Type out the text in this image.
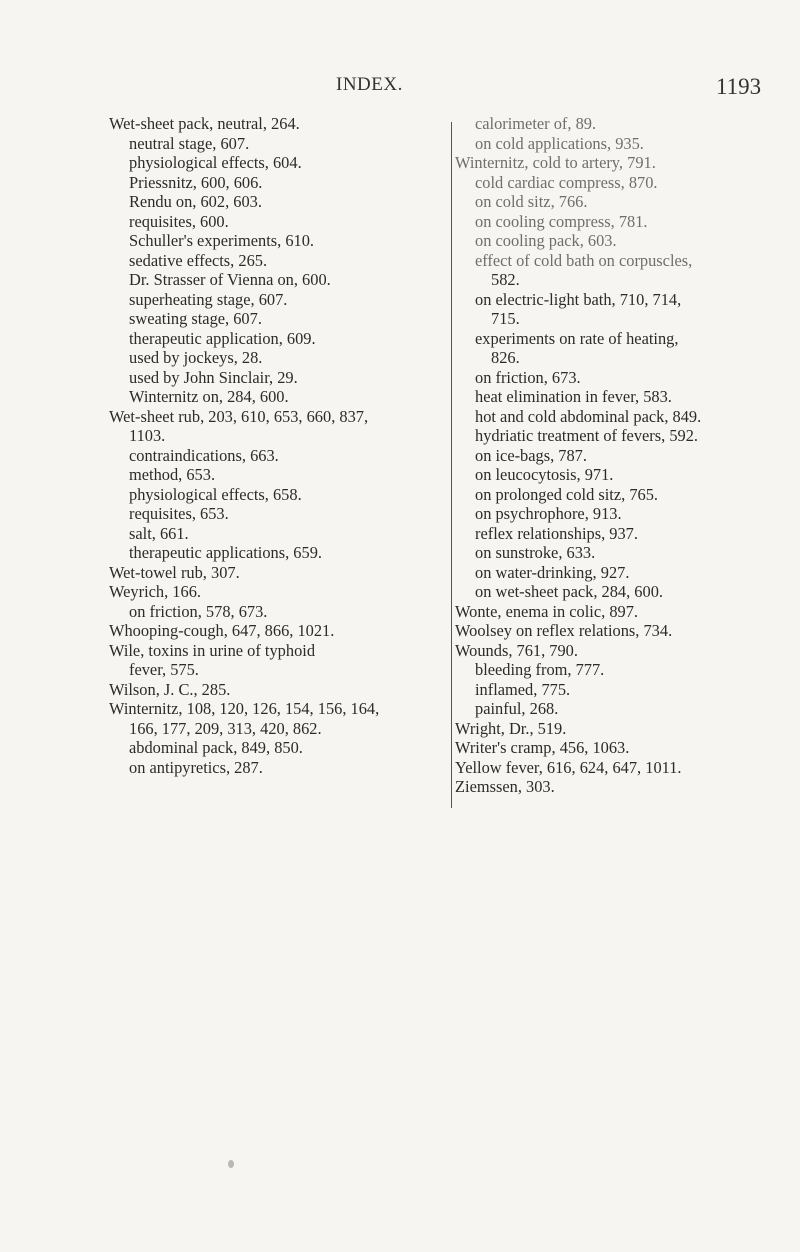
INDEX.	1193
Wet-sheet pack, neutral, 264.
neutral stage, 607.
physiological effects, 604.
Priessnitz, 600, 606.
Rendu on, 602, 603.
requisites, 600.
Schuller's experiments, 610.
sedative effects, 265.
Dr. Strasser of Vienna on, 600.
superheating stage, 607.
sweating stage, 607.
therapeutic application, 609.
used by jockeys, 28.
used by John Sinclair, 29.
Winternitz on, 284, 600.
Wet-sheet rub, 203, 610, 653, 660, 837,
1103.
contraindications, 663.
method, 653.
physiological effects, 658.
requisites, 653.
salt, 661.
therapeutic applications, 659.
Wet-towel rub, 307.
Weyrich, 166.
on friction, 578, 673.
Whooping-cough, 647, 866, 1021.
Wile, toxins in urine of typhoid
fever, 575.
Wilson, J. C., 285.
Winternitz, 108, 120, 126, 154, 156, 164,
166, 177, 209, 313, 420, 862.
abdominal pack, 849, 850.
on antipyretics, 287.
calorimeter of, 89.
on cold applications, 935.
Winternitz, cold to artery, 791.
cold cardiac compress, 870.
on cold sitz, 766.
on cooling compress, 781.
on cooling pack, 603.
effect of cold bath on corpuscles,
582.
on electric-light bath, 710, 714,
715.
experiments on rate of heating,
826.
on friction, 673.
heat elimination in fever, 583.
hot and cold abdominal pack, 849.
hydriatic treatment of fevers, 592.
on ice-bags, 787.
on leucocytosis, 971.
on prolonged cold sitz, 765.
on psychrophore, 913.
reflex relationships, 937.
on sunstroke, 633.
on water-drinking, 927.
on wet-sheet pack, 284, 600.
Wonte, enema in colic, 897.
Woolsey on reflex relations, 734.
Wounds, 761, 790.
bleeding from, 777.
inflamed, 775.
painful, 268.
Wright, Dr., 519.
Writer's cramp, 456, 1063.
Yellow fever, 616, 624, 647, 1011.
Ziemssen, 303.
